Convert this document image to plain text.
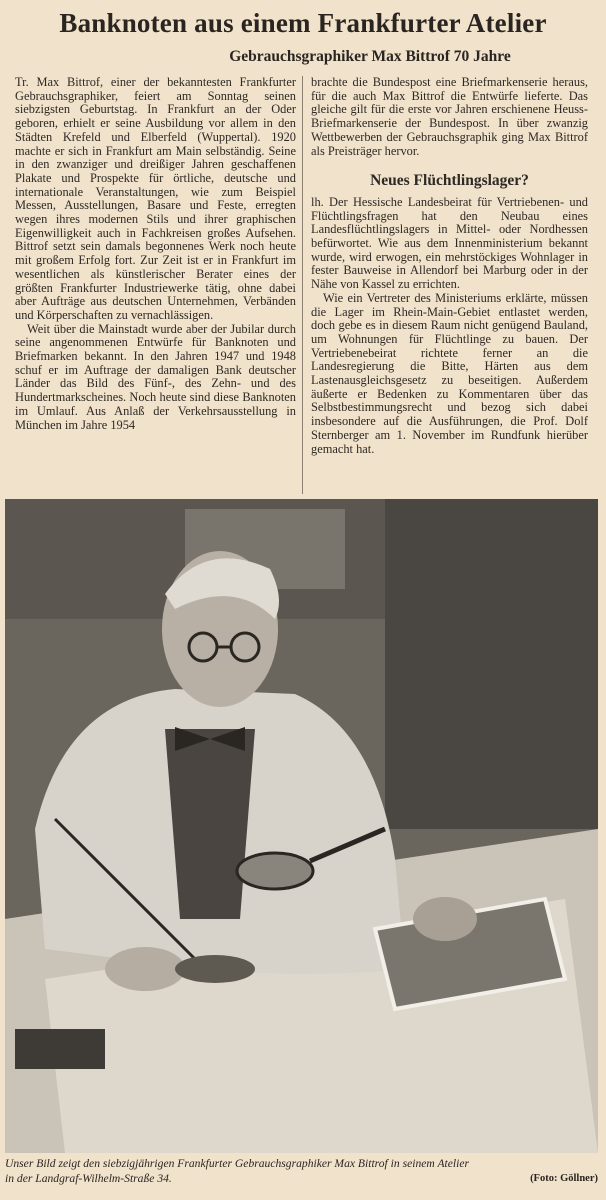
Banknoten aus einem Frankfurter Atelier
Gebrauchsgraphiker Max Bittrof 70 Jahre

Tr. Max Bittrof, einer der bekanntesten Frankfurter Gebrauchsgraphiker, feiert am Sonntag seinen siebzigsten Geburtstag. In Frankfurt an der Oder geboren, erhielt er seine Ausbildung vor allem in den Städten Krefeld und Elberfeld (Wuppertal). 1920 machte er sich in Frankfurt am Main selbständig. Seine in den zwanziger und dreißiger Jahren geschaffenen Plakate und Prospekte für örtliche, deutsche und internationale Veranstaltungen, wie zum Beispiel Messen, Ausstellungen, Basare und Feste, erregten wegen ihres modernen Stils und ihrer graphischen Eigenwilligkeit auch in Fachkreisen großes Aufsehen. Bittrof setzt sein damals begonnenes Werk noch heute mit großem Erfolg fort. Zur Zeit ist er in Frankfurt im wesentlichen als künstlerischer Berater eines der größten Frankfurter Industriewerke tätig, ohne dabei aber Aufträge aus deutschen Unternehmen, Verbänden und Körperschaften zu vernachlässigen.

Weit über die Mainstadt wurde aber der Jubilar durch seine angenommenen Entwürfe für Banknoten und Briefmarken bekannt. In den Jahren 1947 und 1948 schuf er im Auftrage der damaligen Bank deutscher Länder das Bild des Fünf-, des Zehn- und des Hundertmarkscheines. Noch heute sind diese Banknoten im Umlauf. Aus Anlaß der Verkehrsausstellung in München im Jahre 1954

brachte die Bundespost eine Briefmarkenserie heraus, für die auch Max Bittrof die Entwürfe lieferte. Das gleiche gilt für die erste vor Jahren erschienene Heuss-Briefmarkenserie der Bundespost. In über zwanzig Wettbewerben der Gebrauchsgraphik ging Max Bittrof als Preisträger hervor.

Neues Flüchtlingslager?

lh. Der Hessische Landesbeirat für Vertriebenen- und Flüchtlingsfragen hat den Neubau eines Landesflüchtlingslagers in Mittel- oder Nordhessen befürwortet. Wie aus dem Innenministerium bekannt wurde, wird erwogen, ein mehrstöckiges Wohnlager in fester Bauweise in Allendorf bei Marburg oder in der Nähe von Kassel zu errichten.

Wie ein Vertreter des Ministeriums erklärte, müssen die Lager im Rhein-Main-Gebiet entlastet werden, doch gebe es in diesem Raum nicht genügend Bauland, um Wohnungen für Flüchtlinge zu bauen. Der Vertriebenebeirat richtete ferner an die Landesregierung die Bitte, Härten aus dem Lastenausgleichsgesetz zu beseitigen. Außerdem äußerte er Bedenken zu Kommentaren über das Selbstbestimmungsrecht und bezog sich dabei insbesondere auf die Ausführungen, die Prof. Dolf Sternberger am 1. November im Rundfunk hierüber gemacht hat.

Unser Bild zeigt den siebzigjährigen Frankfurter Gebrauchsgraphiker Max Bittrof in seinem Atelier
in der Landgraf-Wilhelm-Straße 34.	(Foto: Göllner)
